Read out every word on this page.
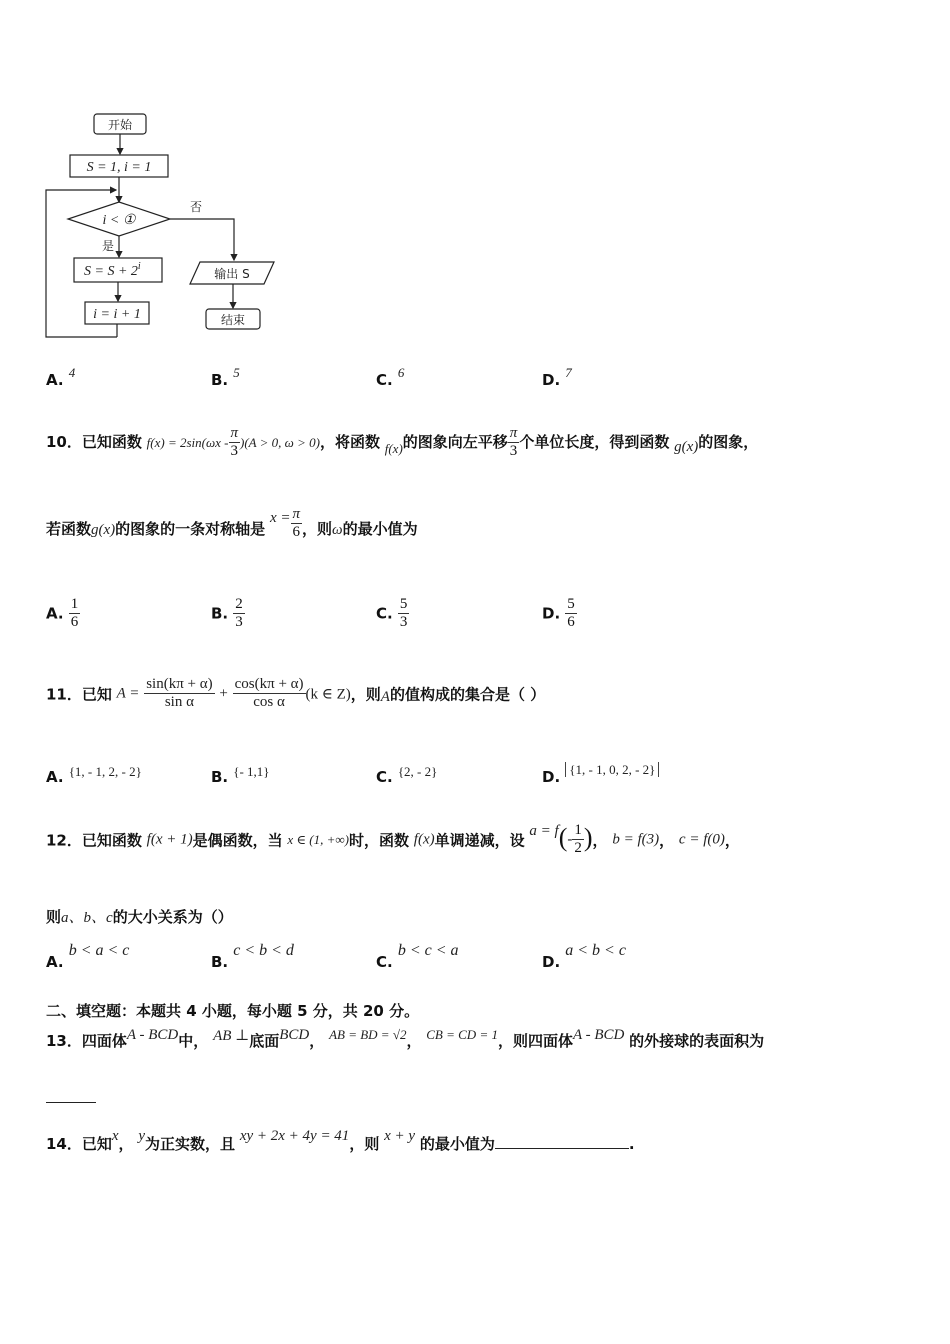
开始
S = 1, i = 1
i < ①
否
是
$S = S + 2^i$
i = i + 1
输出 S
结束
A. $^4$	B. $^5$	C. $^6$	D. $^7$
10．已知函数 $f(x) = 2\sin(\omega x - \frac{\pi}{3} )(A > 0$, ω > 0)，将函数 f(x)的图象向左平移 $\frac{\pi}{3}$ 个单位长度，得到函数 g(x)的图象，
若函数g(x)的图象的一条对称轴是 $x = \frac{\pi}{6}$ ，则ω的最小值为
A. $\frac{1}{6}$	B. $\frac{2}{3}$	C. $\frac{5}{3}$	D. $\frac{5}{6}$
11．已知 $A = \frac{\sin(k\pi + \alpha)}{\text{sin α}} + \frac{\cos(k\pi + \alpha)}{\text{cos α}} (k$ ∈ Z)，则A的值构成的集合是（ ）
A. $^{\{1, - 1, 2, - 2\}}$	B. $^{\{- 1,1\}}$	C. $^{\{2, - 2\}}$	D. $^{\{1, - 1, 0, 2, - 2\}}$
12．已知函数 f(x + 1)是偶函数，当 x ∈ (1, +∞)时，函数 f(x)单调递减，设 $a = f(- \frac{1}{2}$ )， b = f(3)， c = f(0)，
则a、b、c的大小关系为（）
A. b < a < c
B. c < b < d
C. b < c < a
D. a < b < c
二、填空题：本题共 4 小题，每小题 5 分，共 20 分。
13．四面体A - BCD中， AB ⊥底面BCD， AB = BD = √2， CB = CD = 1，则四面体A - BCD 的外接球的表面积为
14．已知x， y为正实数，且 xy + 2x + 4y = 41，则 x + y 的最小值为	.
